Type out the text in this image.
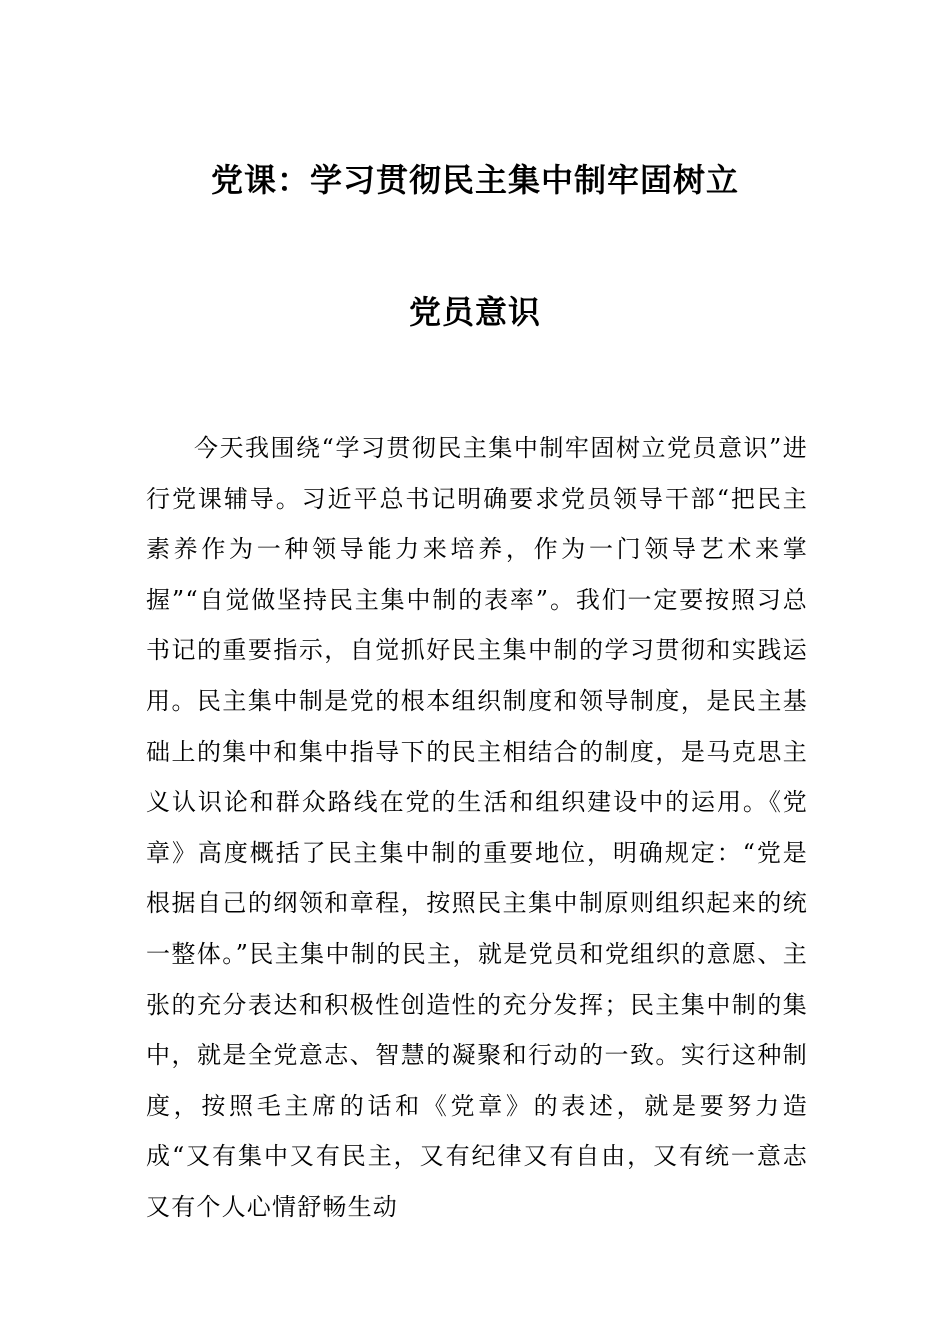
党课：学习贯彻民主集中制牢固树立
党员意识

今天我围绕“学习贯彻民主集中制牢固树立党员意识”进行党课辅导。习近平总书记明确要求党员领导干部“把民主素养作为一种领导能力来培养，作为一门领导艺术来掌握”“自觉做坚持民主集中制的表率”。我们一定要按照习总书记的重要指示，自觉抓好民主集中制的学习贯彻和实践运用。民主集中制是党的根本组织制度和领导制度，是民主基础上的集中和集中指导下的民主相结合的制度，是马克思主义认识论和群众路线在党的生活和组织建设中的运用。《党章》高度概括了民主集中制的重要地位，明确规定：“党是根据自己的纲领和章程，按照民主集中制原则组织起来的统一整体。”民主集中制的民主，就是党员和党组织的意愿、主张的充分表达和积极性创造性的充分发挥；民主集中制的集中，就是全党意志、智慧的凝聚和行动的一致。实行这种制度，按照毛主席的话和《党章》的表述，就是要努力造成“又有集中又有民主，又有纪律又有自由，又有统一意志又有个人心情舒畅生动
